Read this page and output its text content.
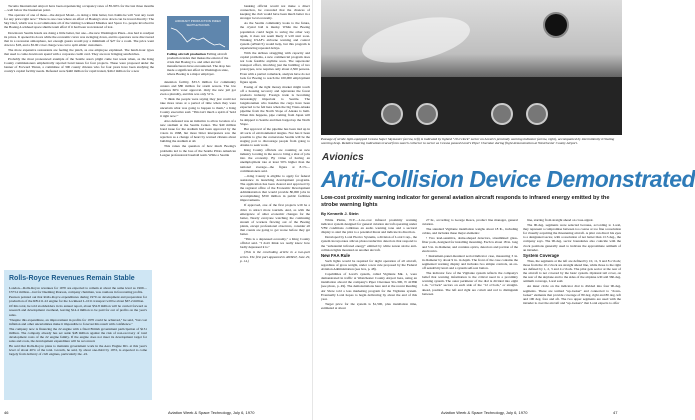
Tacoma International Airport have been experiencing occupancy rates of 85-90% for the last three months—well below the breakeven point.

The operator of one of these—the Airport Motel—is doing a little better, but claims he will "rest any room for any price right now." There is one case where an effort of Boeing's slow down can be traced directly: The Sky Chef, which was to accommodate all of the visiting Lockheed Missiles and Space Co. people involved in the Boeing-Lockheed space shuttle team effort if it had been won instead of lost.

Downtown Seattle hotels are doing a little better, but one—the new Washington Plaza—has had to readjust its prices. It opened its doors while the economic curve was swinging down, and its operators were discovered that in a recession atmosphere, not enough guests would pay a minimum of $27 for a room. The price went down to $18, and a $5.90 cover charge was cut to split ethnic customers.

The more expensive restaurants are feeling the pinch, as one employee explained. The lunch-hour types that used to come downtown spend with a corporate credit card. They are now bringing sandwiches.

Probably the most pronounced example of the Seattle area's plight came last week when, as the King County commissioners emphatically rejected bond issues for four projects. These were proposed under the banner of Forward Thrust, a committee of 300 county citizens who for four years have been studying the county's capital facility needs. Defeated were $440 million for rapid transit, $40.2 million for a new

AIRCRAFT PRODUCTION INDEX
SEATTLE/TACOMA
Falling aircraft production Falling aircraft production index that makes the extent of the crisis that Boeing Co. and other aircraft manufacturers have encountered. The drop has made a significant effect in Washington state, where Boeing is a major employer.

detention facility, $33.3 million for community centers and $80 million for storm sewers. The low requires 60% voter approval. Only the new jail got even a plurality, and this was only 51%.

"I think the people were saying they just could not take more taxes at a period of time when they were uncertain what was going to happen to them," a King County executive said. "This isn't much a spirit of 'hold it right now.'"

Also defeated was an initiative to allow location of a new stadium at the Seattle Center. The $40 million bond issue for the stadium had been approved by the voters in 1968, but more bitter interpreters saw the rejection as a change of heart by warned citizens about building the stadium at all.

This raises the question of how much Boeing's problems led to the loss of the Seattle Pilots American League professional baseball team. While a Seattle

banking official would not make a direct connection, he conceded that the chances of keeping the club would have been much better in a stronger local economy.

As the Seattle community looks to the future, the crystal ball is murky. While the Boeing population could begin to swing the other way again, it does not seem likely it will start soon. Winning USAF's airborne warning and control system (AWACS) would help, but this program is experiencing repeated delays.

With the airlines struggling with capacity and capital problems, a new commercial program does not look feasible anytime soon. The supersonic transport effort, involving just the building of two prototypes, now requires only about 2,500 persons. Even with a partial comeback, analysts have do not look for Boeing to reach the 100,000 employment figure again.

Easing of the tight money market might touch off a housing recovery and rejuvenate the forest products industry. Foreign trade is becoming increasingly important to Seattle. The longshoremen who handles the cargo have been expected to be felt here when the big Trans-Alaska pipeline from the North Slope of Alaska is built. When this happens, pipe coming from Japan will be shipped to Seattle and then barged up the North Slope.

But approval of the pipeline has been tied up in all sorts of environmental tangles. Nor has it been possible to give the cornerstone Seattle will be the staging port to discourage people from going to Alaska to seek work.

King County officials are counting on new industry locating in the area to bring a shot of jobs into the economy. By virtue of having an unemployment rate at least 50% higher than the national average—the figure at 8.1%—commissioners said.

—King County is eligible to apply for federal assistance in launching development programs. The application has been cleared and approved by the regional office of the Economic Development Administration that would provide 80,000 jobs in accomplishing $350 million in public facilities improvements.

If approved, one of the first projects will be a drive to attract more tourism. And, as with the emergence of other economic changes for the better, Nearly everyone watching the continuing stream of workers flowing out of the Boeing plants, except professional observers, consider all that counts are going to get worse before they get better.

"This is a depressed economy," a King County official said. "I don't think we really know how badly depressed it is."

(This is the concluding article in a two-part series. The first part appeared in AW&ST, June 29, p. 14.)

Rolls-Royce Revenues Remain Stable

London—Rolls-Royce revenues for 1970 are expected to remain at about the same level as 1969—£373.2 million—but for Deeming Pearson, company chairman, was cautious in forecasting profits.

Pearson pointed out that Rolls-Royce expenditures during 1970 on development and preparation for production of the RB.211-22 engine for the Lockheed L-1011 transport will be about $67.2 million.

Of this total, he told stockholders in its annual report, about $52.8 million will be carried forward as research and development overhead, leaving $14.4 million to be paid for out of profits on the year's sales.

"Despite this expenditure, an improvement in profits for 1970 could be achieved," he said, "but cost inflation and other uncertainties make it impossible to forecast this result with confidence."

The company now is financing the 22 engine with a fixed British government participation of $131 million. The company already has set aside $48 million against the risk of non-recovery of total development costs of the 22 engine family. If the engine does not meet its development target for sales and costs, the development expenditure will be recovered.

He said that Rolls-Royce plans to maintain government work in the Aero Engine Div. at this year's level of about 40% of the total. Growth, he said, by about one-third by 1972, is expected to come largely from delivery of civil engines, particularly the -22.

46	Aviation Week & Space Technology, July 6, 1970
Passage of strobe light-equipped Cessna Super Skymaster (arrow, left) is indicated by lighted "10 o'clock" sector on Lorals's proximity warning indicator (arrow, right), accompanied by intermittently irritating warning beep. Relative bearing indications traced from search collector to sector as Cessna passed Loral's Piper Cherokee during flight demonstration at Westchester County Airport.
Avionics
Anti-Collision Device Demonstrated
Low-cost proximity warning indicator for general aviation aircraft responds to infrared energy emitted by the strobe warning lights
By Kenneth J. Stein

White Plains, N.Y.—Low-cost infrared proximity warning indicator system designed for general aviation aircraft operating under VFR conditions combines an audio warning tone and a sectoral display to alert the pilot to a potential threat and indicate its direction.

Developed by Loral Electro Systems, a division of Loral Corp., the system incorporates silicon photoconductive detectors that respond to the "substantial infrared energy" emitted by white xenon strobe anti-collision lights mounted on another aircraft.

New FAA Rule

Such lights would be required for night operation of all aircraft, regardless of gross weight, under a new rule proposed by the Federal Aviation Administration (see box, p. 48).

Capabilities of Loral's system, called Vigilante Mk. 1, were demonstrated in traffic at Westchester County Airport here, using an installation aboard the company's Piper Cherokee Six-300, N 4138R (see photo, p. 49). The demonstrations here and at the recent Reading Air Show told a less marketing program for the Vigilante system. Eventually Loral hopes to begin delivering by about the end of this year.

Target price for the system is $1,500, plus installation time, estimated at about

27 hr., according to George Reece, product line manager, general aviation.

The standard Vigilante installation weighs about 18 lb., including cables, and includes these major elements:

• Two lead-sensitive, dome-shaped detectors, streamlined glass-fiber pods, designed for installing mounting. Each is about 18 in. long and 5 in. in diameter, and contains optics, detectors and portion of the electronics.

• Instrument-panel-mounted sector/indicator case, measuring 3 in. in diameter by about 9 in. in depth. The front of the case contains the segmented warning display and includes two simple controls, an on-off sensitivity knob and a system self-test button.

The indicator face of the Vigilante system reflects the company's belief that warning information is the critical need in a proximity warning system. The outer perimeter of the dial is divided into eight 1-in. "o'clock" sectors on each side of the "12 o'clock," or straight-ahead, position. The left and right are cobalt and red to distinguish between

line, starting from straight ahead on cross-signal.

The 90-deg. segments were selected because, according to Loral, they represent a compromise between too coarse or too fine a resolution for visually acquiring the threatening aircraft. A pilot can direct his eyes to a designated sector, with a resolution of not better than 1/15 deg., the company says. The 90-deg. sector boundaries also coincide with the clock positions generally used to indicate the approximate azimuth of an intruder.

System Coverage

Thus, the segments at the left are defined by 10, 11, 9 and 8 o'clock; those from the 10 o'clock are straight ahead line, while those to the right are defined by 1, 2, 3 and 4 o'clock. The pilot gets sector at the rear of the aircraft is not covered by the basic system. Optional tail cover, on the rear of the airplane and to the sides of the airplane will add 360-deg. azimuth coverage, Loral said.

An inner circle on the indicator dial is divided into four 90-deg. segments. These are termed "up-looker" and connected to "down-looker" elements that provide coverage of 80 deg. right and 80 deg. left and 100 deg. fore and aft. The two upper segments are used with the intruder is over the aircraft and "up-lookers" that Loral expects to offer

Aviation Week & Space Technology, July 6, 1970	47
